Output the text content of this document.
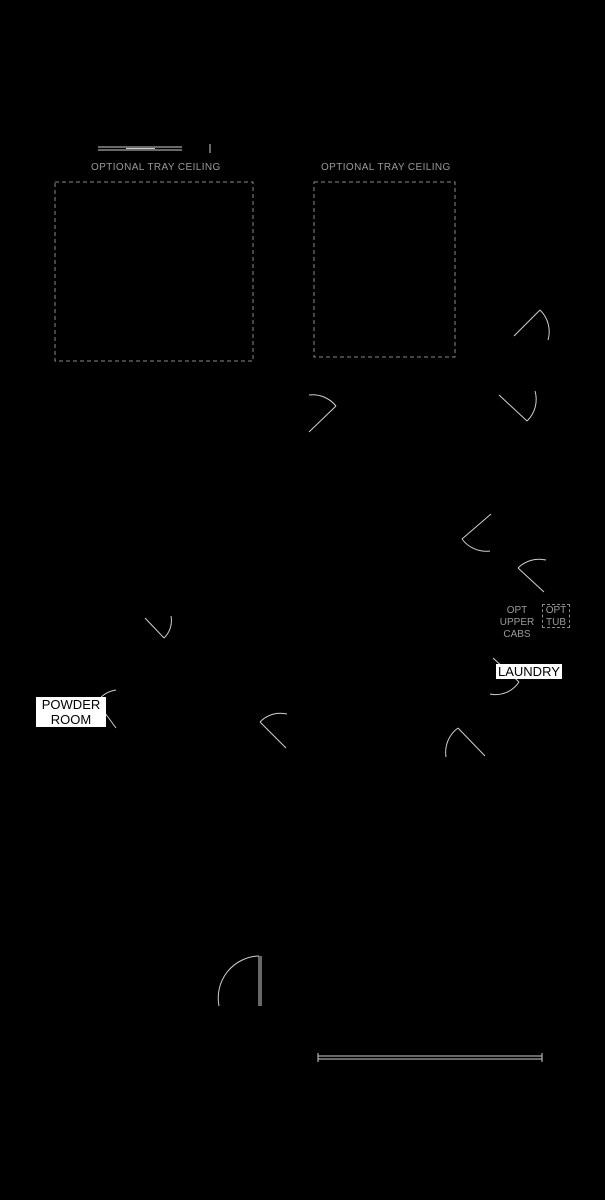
OPTIONAL TRAY CEILING	OPTIONAL TRAY CEILING
OPT
UPPER
CABS
OPT
TUB
LAUNDRY
POWDER
ROOM
